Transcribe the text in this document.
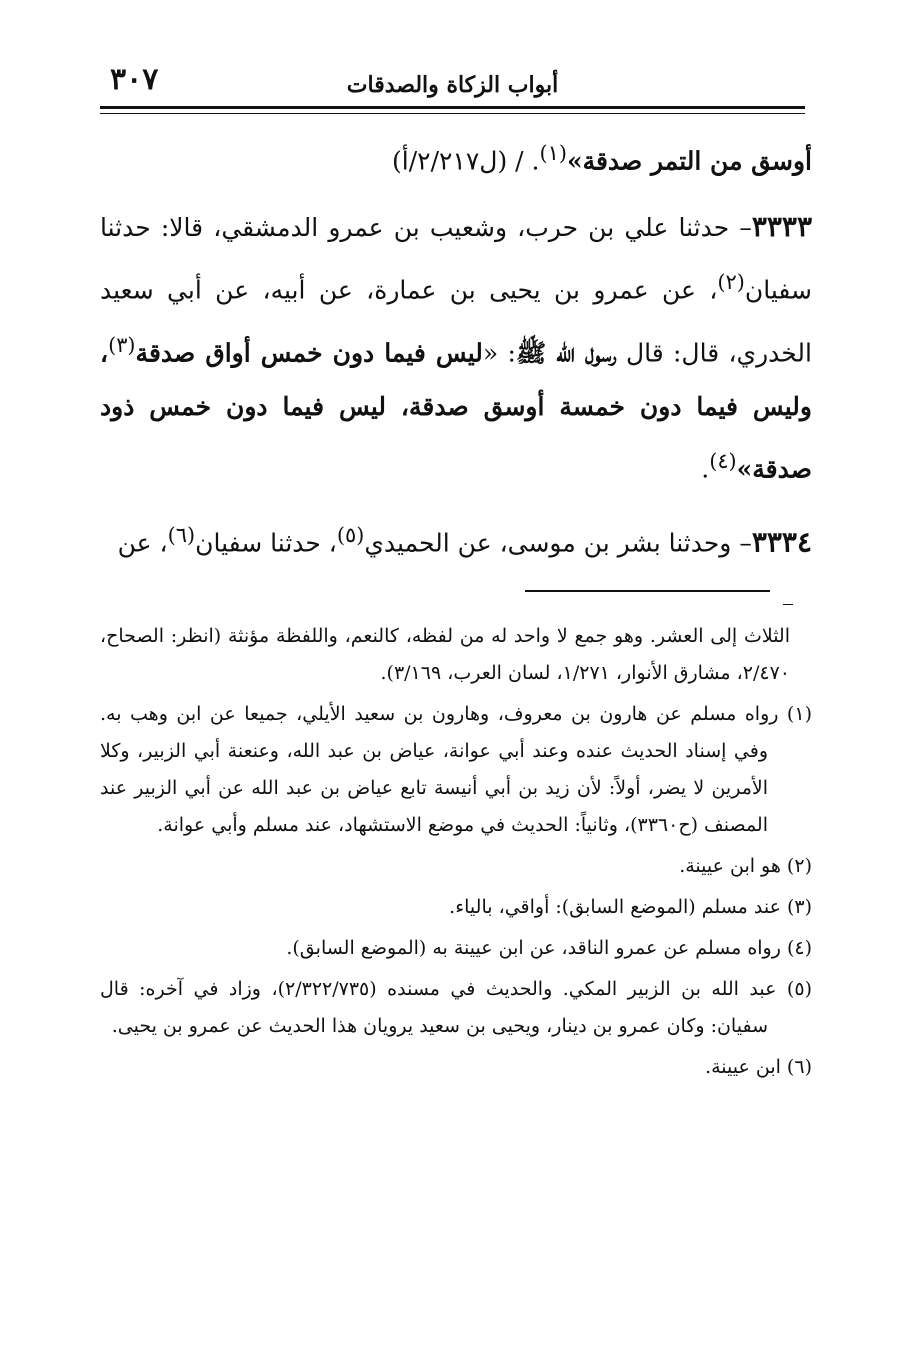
٣٠٧	أبواب الزكاة والصدقات

أوسق من التمر صدقة»$^{(١)}$. / (ل٢/٢١٧/أ)

٣٣٣٣– حدثنا علي بن حرب، وشعيب بن عمرو الدمشقي، قالا: حدثنا سفيان$^{(٢)}$، عن عمرو بن يحيى بن عمارة، عن أبيه، عن أبي سعيد الخدري، قال: قال رسول الله ﷺ: «ليس فيما دون خمس أواق صدقة$^{(٣)}$، وليس فيما دون خمسة أوسق صدقة، ليس فيما دون خمس ذود صدقة»$^{(٤)}$.

٣٣٣٤– وحدثنا بشر بن موسى، عن الحميدي$^{(٥)}$، حدثنا سفيان$^{(٦)}$، عن

الثلاث إلى العشر. وهو جمع لا واحد له من لفظه، كالنعم، واللفظة مؤنثة (انظر: الصحاح، ٢/٤٧٠، مشارق الأنوار، ١/٢٧١، لسان العرب، ٣/١٦٩).

(١) رواه مسلم عن هارون بن معروف، وهارون بن سعيد الأيلي، جميعا عن ابن وهب به. وفي إسناد الحديث عنده وعند أبي عوانة، عياض بن عبد الله، وعنعنة أبي الزبير، وكلا الأمرين لا يضر، أولاً: لأن زيد بن أبي أنيسة تابع عياض بن عبد الله عن أبي الزبير عند المصنف (ح٣٣٦٠)، وثانياً: الحديث في موضع الاستشهاد، عند مسلم وأبي عوانة.

(٢) هو ابن عيينة.

(٣) عند مسلم (الموضع السابق): أواقي، بالياء.

(٤) رواه مسلم عن عمرو الناقد، عن ابن عيينة به (الموضع السابق).

(٥) عبد الله بن الزبير المكي. والحديث في مسنده (٢/٣٢٢/٧٣٥)، وزاد في آخره: قال سفيان: وكان عمرو بن دينار، ويحيى بن سعيد يرويان هذا الحديث عن عمرو بن يحيى.

(٦) ابن عيينة.
